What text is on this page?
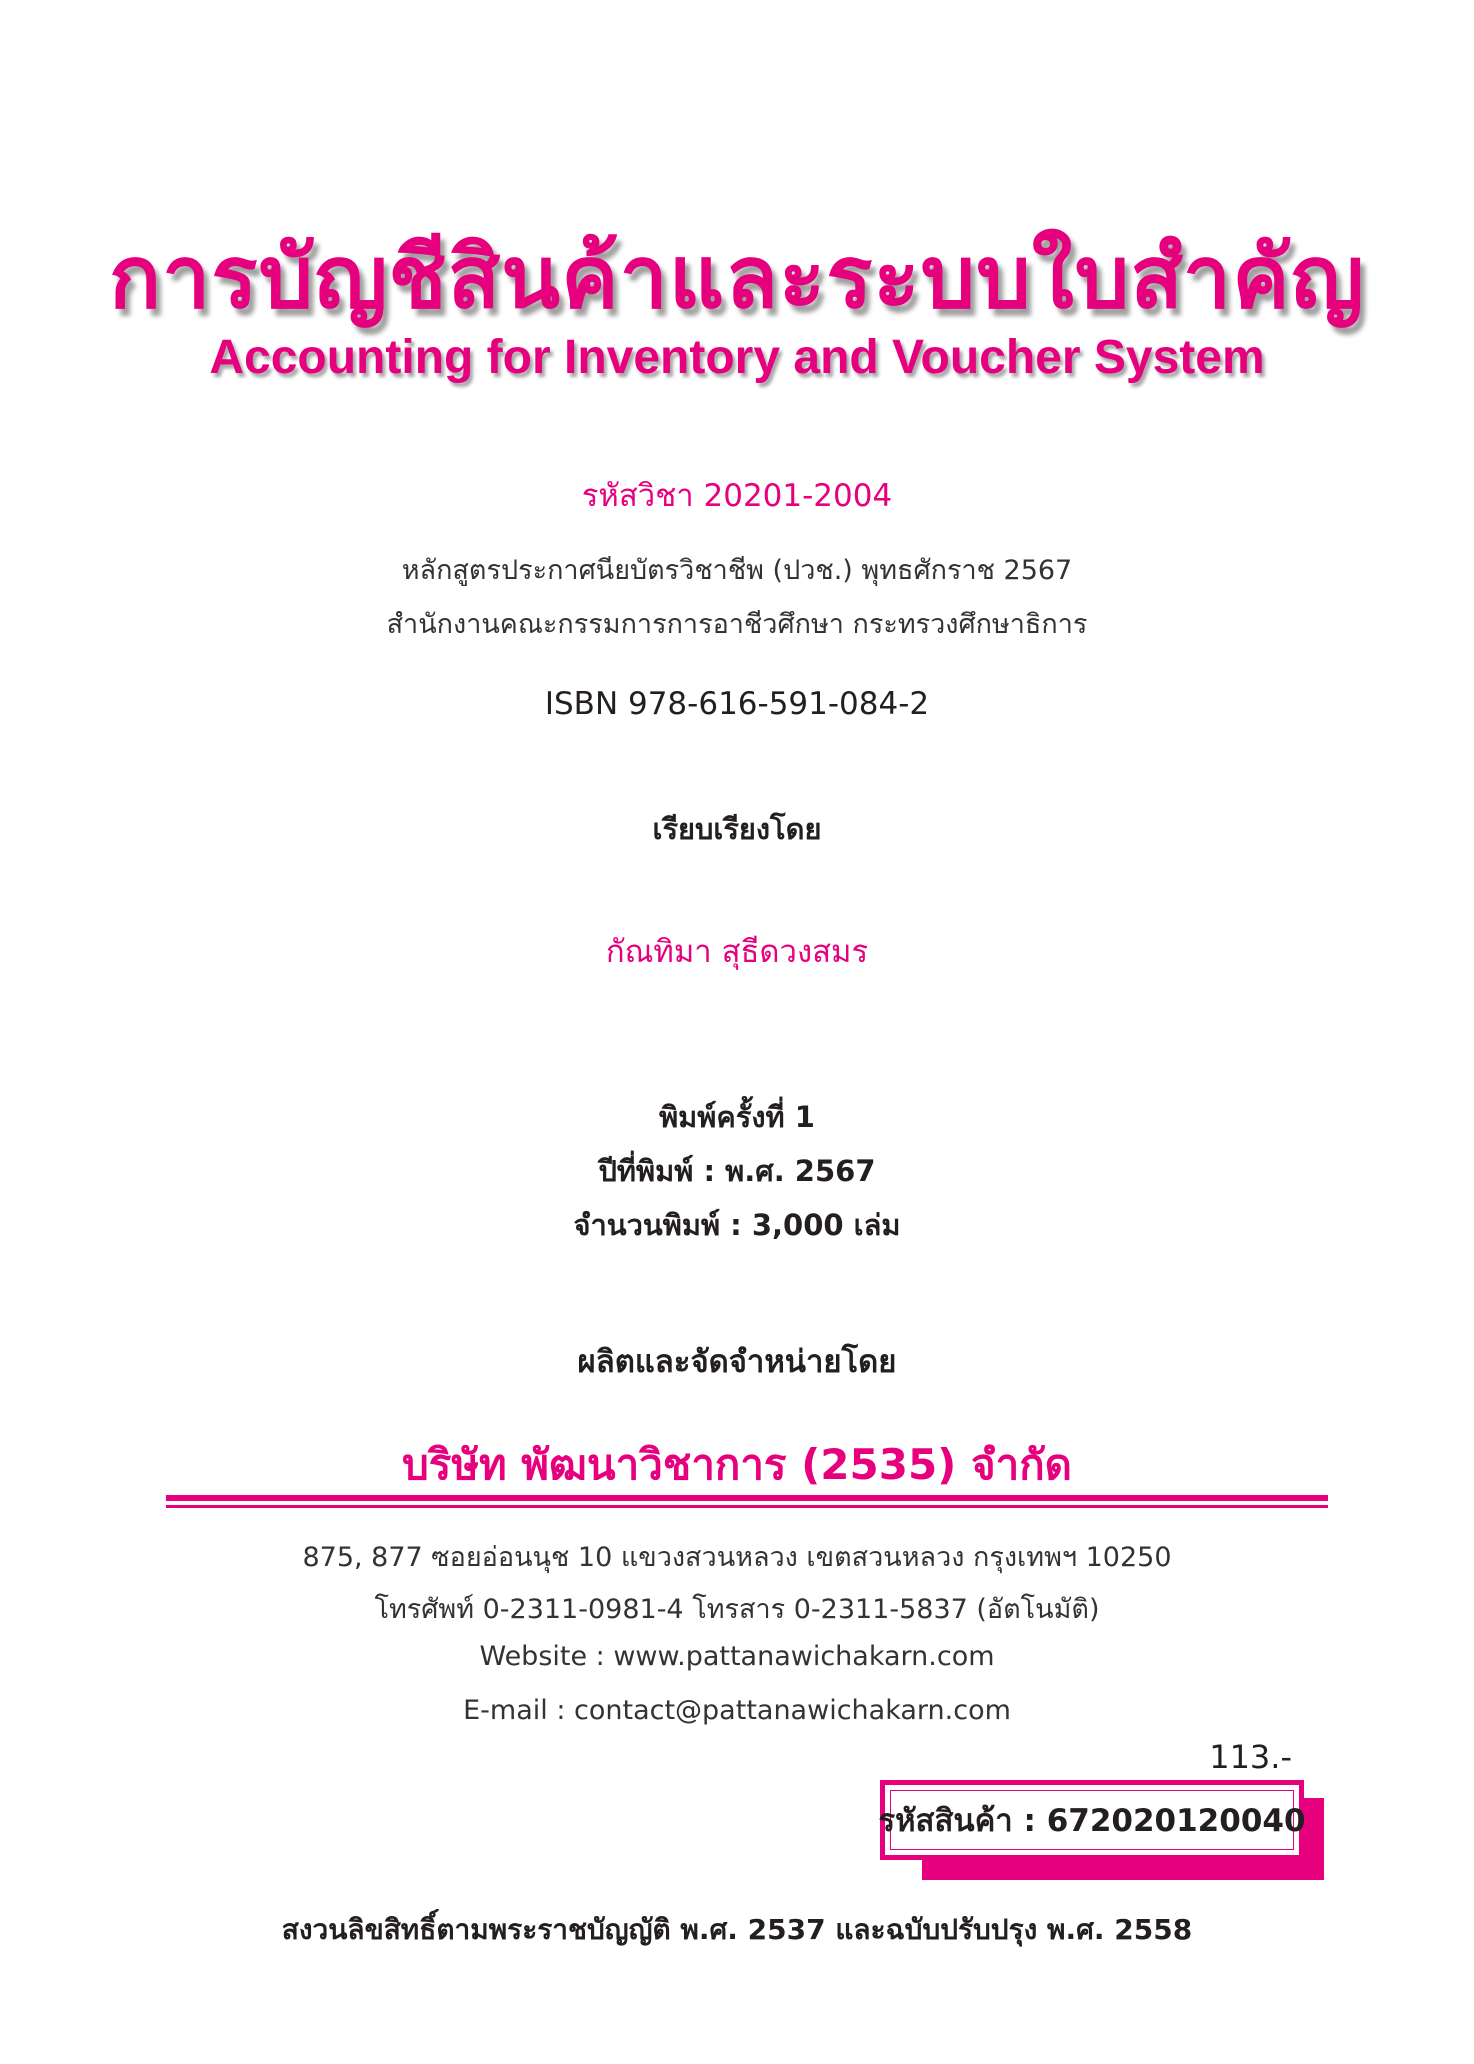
การบัญชีสินค้าและระบบใบสำคัญ
Accounting for Inventory and Voucher System
รหัสวิชา 20201-2004
หลักสูตรประกาศนียบัตรวิชาชีพ (ปวช.) พุทธศักราช 2567
สำนักงานคณะกรรมการการอาชีวศึกษา กระทรวงศึกษาธิการ
ISBN 978-616-591-084-2
เรียบเรียงโดย
กัณทิมา สุธีดวงสมร
พิมพ์ครั้งที่ 1
ปีที่พิมพ์ : พ.ศ. 2567
จำนวนพิมพ์ : 3,000 เล่ม
ผลิตและจัดจำหน่ายโดย
บริษัท พัฒนาวิชาการ (2535) จำกัด
875, 877 ซอยอ่อนนุช 10 แขวงสวนหลวง เขตสวนหลวง กรุงเทพฯ 10250
โทรศัพท์ 0-2311-0981-4 โทรสาร 0-2311-5837 (อัตโนมัติ)
Website : www.pattanawichakarn.com
E-mail : contact@pattanawichakarn.com
113.-
รหัสสินค้า : 672020120040
สงวนลิขสิทธิ์ตามพระราชบัญญัติ พ.ศ. 2537 และฉบับปรับปรุง พ.ศ. 2558
